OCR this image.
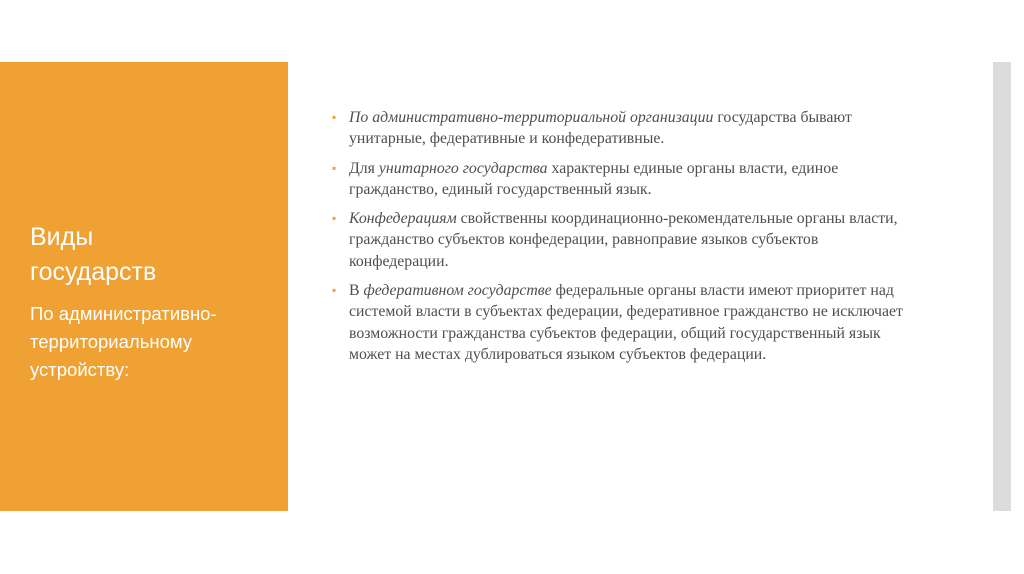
Виды
государств

По административно-территориальному устройству:

▪ По административно-территориальной организации государства бывают унитарные, федеративные и конфедеративные.
▪ Для унитарного государства характерны единые органы власти, единое гражданство, единый государственный язык.
▪ Конфедерациям свойственны координационно-рекомендательные органы власти, гражданство субъектов конфедерации, равноправие языков субъектов конфедерации.
▪ В федеративном государстве федеральные органы власти имеют приоритет над системой власти в субъектах федерации, федеративное гражданство не исключает возможности гражданства субъектов федерации, общий государственный язык может на местах дублироваться языком субъектов федерации.
